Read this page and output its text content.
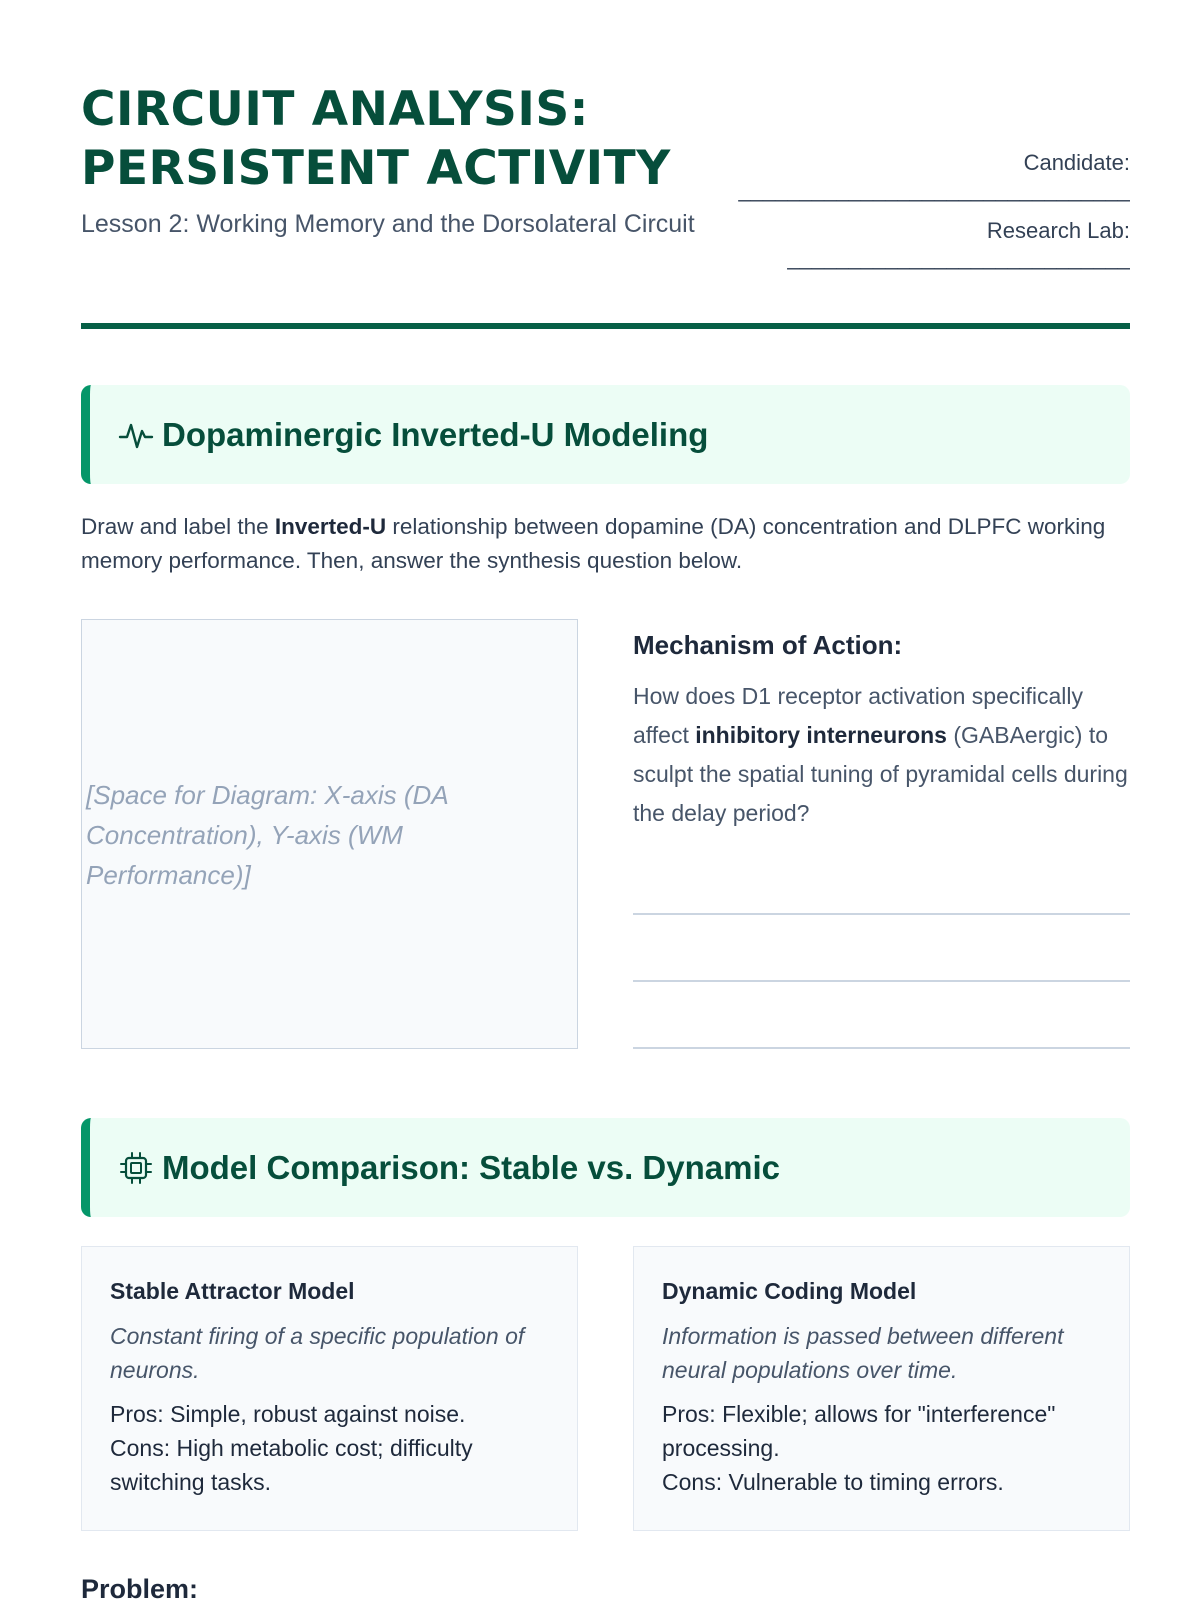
CIRCUIT ANALYSIS:
PERSISTENT ACTIVITY

Lesson 2: Working Memory and the Dorsolateral Circuit

Candidate:
________________________________
Research Lab:
____________________________
Dopaminergic Inverted-U Modeling

Draw and label the Inverted-U relationship between dopamine (DA) concentration and DLPFC working memory performance. Then, answer the synthesis question below.

[Space for Diagram: X-axis (DA Concentration), Y-axis (WM Performance)]
Mechanism of Action:

How does D1 receptor activation specifically affect inhibitory interneurons (GABAergic) to sculpt the spatial tuning of pyramidal cells during the delay period?

Model Comparison: Stable vs. Dynamic
Stable Attractor Model

Constant firing of a specific population of neurons.

Pros: Simple, robust against noise.
Cons: High metabolic cost; difficulty switching tasks.

Dynamic Coding Model

Information is passed between different neural populations over time.

Pros: Flexible; allows for "interference" processing.
Cons: Vulnerable to timing errors.

Problem:
